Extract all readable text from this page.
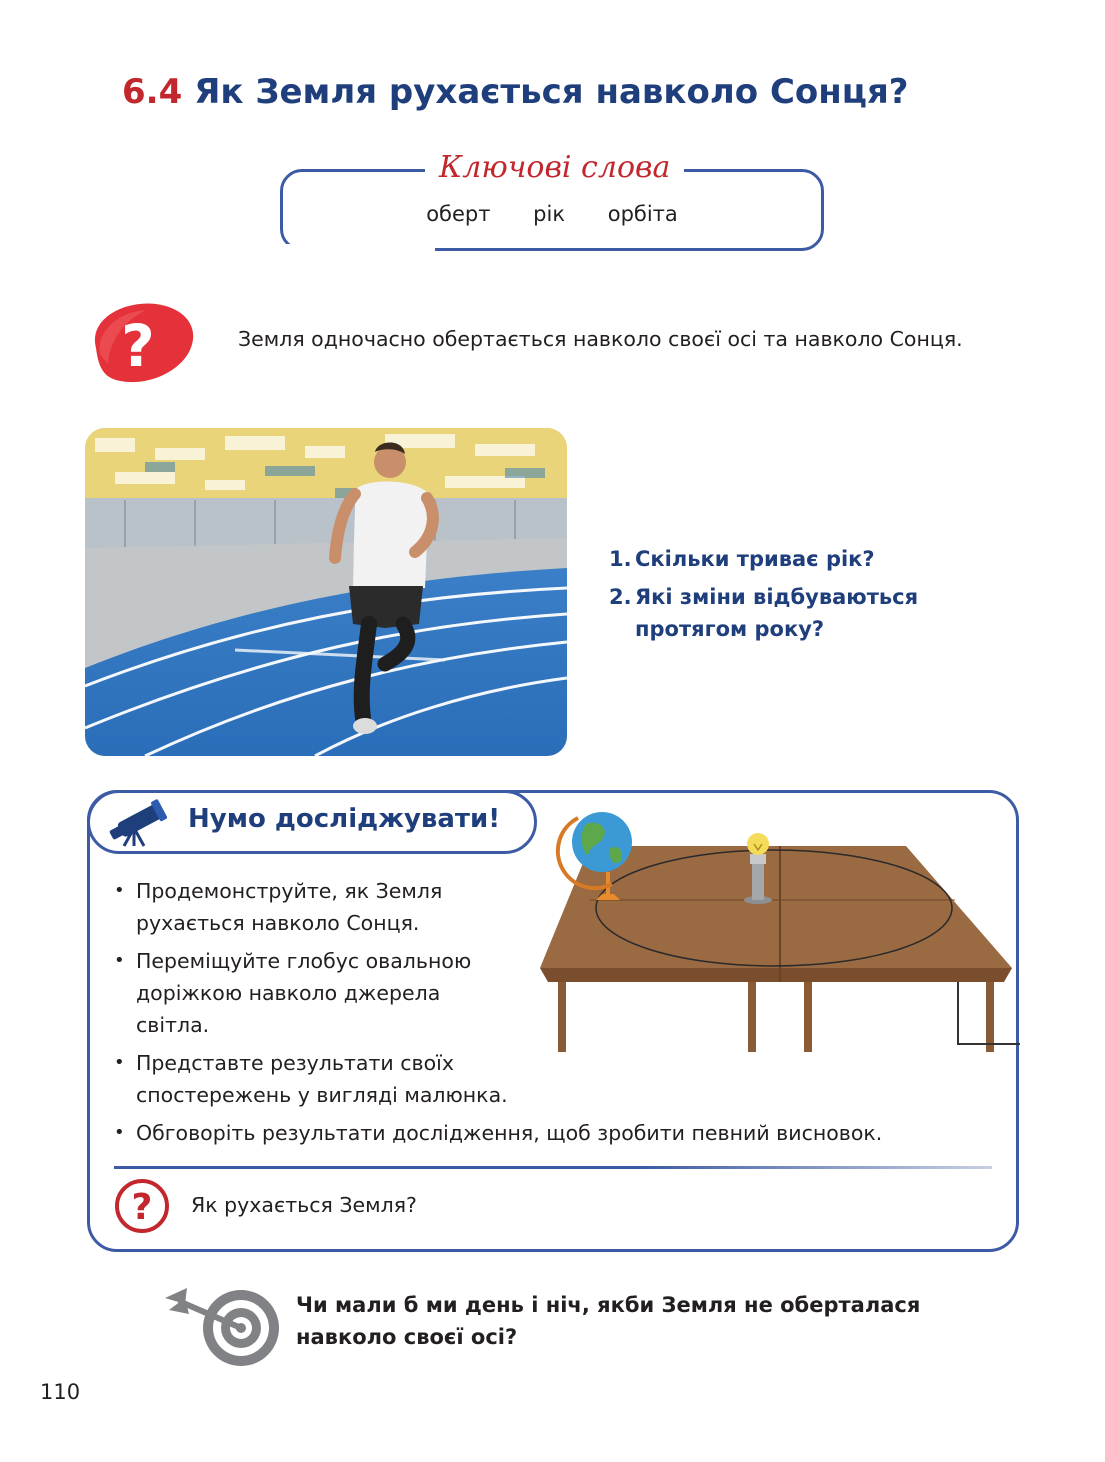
6.4 Як Земля рухається навколо Сонця?
Ключові слова
оберт рік орбіта
?	Земля одночасно обертається навколо своєї осі та навколо Сонця.
1. Скільки триває рік?
2. Які зміни відбуваються
протягом року?
Нумо досліджувати!
• Продемонструйте, як Земля
рухається навколо Сонця.
• Переміщуйте глобус овальною
доріжкою навколо джерела
світла.
• Представте результати своїх
спостережень у вигляді малюнка.
• Обговоріть результати дослідження, щоб зробити певний висновок.
? Як рухається Земля?
Чи мали б ми день і ніч, якби Земля не оберталася
навколо своєї осі?
110
